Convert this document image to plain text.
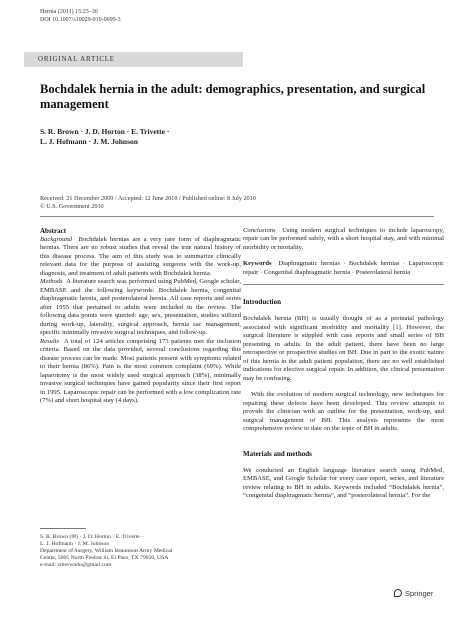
Hernia (2011) 15:23–30
DOI 10.1007/s10029-010-0699-3
ORIGINAL ARTICLE
Bochdalek hernia in the adult: demographics, presentation, and surgical management
S. R. Brown · J. D. Horton · E. Trivette ·
L. J. Hofmann · J. M. Johnson
Received: 21 December 2009 / Accepted: 12 June 2010 / Published online: 8 July 2010
© U.S. Government 2010
Abstract

Background Bochdalek hernias are a very rare form of diaphragmatic hernias. There are no robust studies that reveal the true natural history of this disease process. The aim of this study was to summarize clinically relevant data for the purpose of assisting surgeons with the work-up, diagnosis, and treatment of adult patients with Bochdalek hernia.

Methods A literature search was performed using PubMed, Google scholar, EMBASE and the following keywords: Bochdalek hernia, congenital diaphragmatic hernia, and posterolateral hernia. All case reports and series after 1955 that pertained to adults were included in the review. The following data points were queried: age, sex, presentation, studies utilized during work-up, laterality, surgical approach, hernia sac management, specific minimally invasive surgical techniques, and follow-up.

Results A total of 124 articles comprising 173 patients met the inclusion criteria. Based on the data provided, several conclusions regarding this disease process can be made. Most patients present with symptoms related to their hernia (86%). Pain is the most common complaint (69%). While laparotomy is the most widely used surgical approach (38%), minimally invasive surgical techniques have gained popularity since their first report in 1995. Laparoscopic repair can be performed with a low complication rate (7%) and short hospital stay (4 days).

S. R. Brown (✉) · J. D. Horton · E. Trivette ·
L. J. Hofmann · J. M. Johnson
Department of Surgery, William Beaumont Army Medical
Center, 5005 North Piedras St, El Paso, TX 79920, USA
e-mail: srbrowndo@gmail.com

Conclusions Using modern surgical techniques to include laparoscopy, repair can be performed safely, with a short hospital stay, and with minimal morbidity or mortality.

Keywords Diaphragmatic hernias · Bochdalek hernias · Laparoscopic repair · Congenital diaphragmatic hernia · Posterolateral hernia

Introduction

Bochdalek hernia (BH) is usually thought of as a perinatal pathology associated with significant morbidity and mortality [1]. However, the surgical literature is stippled with case reports and small series of BH presenting in adults. In the adult patient, there have been no large retrospective or prospective studies on BH. Due in part to the exotic nature of this hernia in the adult patient population, there are no well established indications for elective surgical repair. In addition, the clinical presentation may be confusing.

With the evolution of modern surgical technology, new techniques for repairing these defects have been developed. This review attempts to provide the clinician with an outline for the presentation, work-up, and surgical management of BH. This analysis represents the most comprehensive review to date on the topic of BH in adults.

Materials and methods

We conducted an English language literature search using PubMed, EMBASE, and Google Scholar for every case report, series, and literature review relating to BH in adults. Keywords included “Bochdalek hernia”, “congenital diaphragmatic hernia”, and “posterolateral hernia”. For the

Springer
